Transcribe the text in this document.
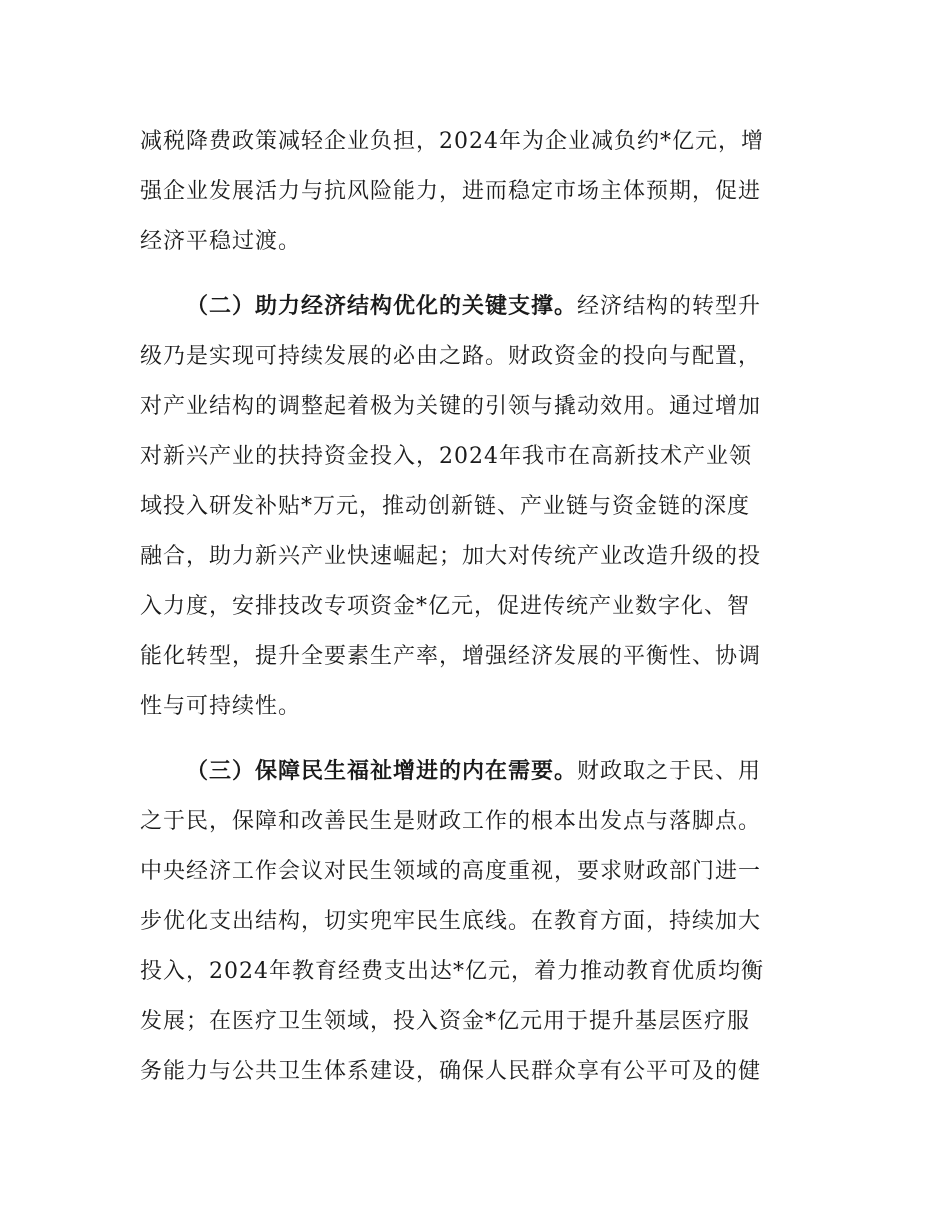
减税降费政策减轻企业负担，2024年为企业减负约*亿元，增
强企业发展活力与抗风险能力，进而稳定市场主体预期，促进
经济平稳过渡。
（二）助力经济结构优化的关键支撑。经济结构的转型升
级乃是实现可持续发展的必由之路。财政资金的投向与配置，
对产业结构的调整起着极为关键的引领与撬动效用。通过增加
对新兴产业的扶持资金投入，2024年我市在高新技术产业领
域投入研发补贴*万元，推动创新链、产业链与资金链的深度
融合，助力新兴产业快速崛起；加大对传统产业改造升级的投
入力度，安排技改专项资金*亿元，促进传统产业数字化、智
能化转型，提升全要素生产率，增强经济发展的平衡性、协调
性与可持续性。
（三）保障民生福祉增进的内在需要。财政取之于民、用
之于民，保障和改善民生是财政工作的根本出发点与落脚点。
中央经济工作会议对民生领域的高度重视，要求财政部门进一
步优化支出结构，切实兜牢民生底线。在教育方面，持续加大
投入，2024年教育经费支出达*亿元，着力推动教育优质均衡
发展；在医疗卫生领域，投入资金*亿元用于提升基层医疗服
务能力与公共卫生体系建设，确保人民群众享有公平可及的健
